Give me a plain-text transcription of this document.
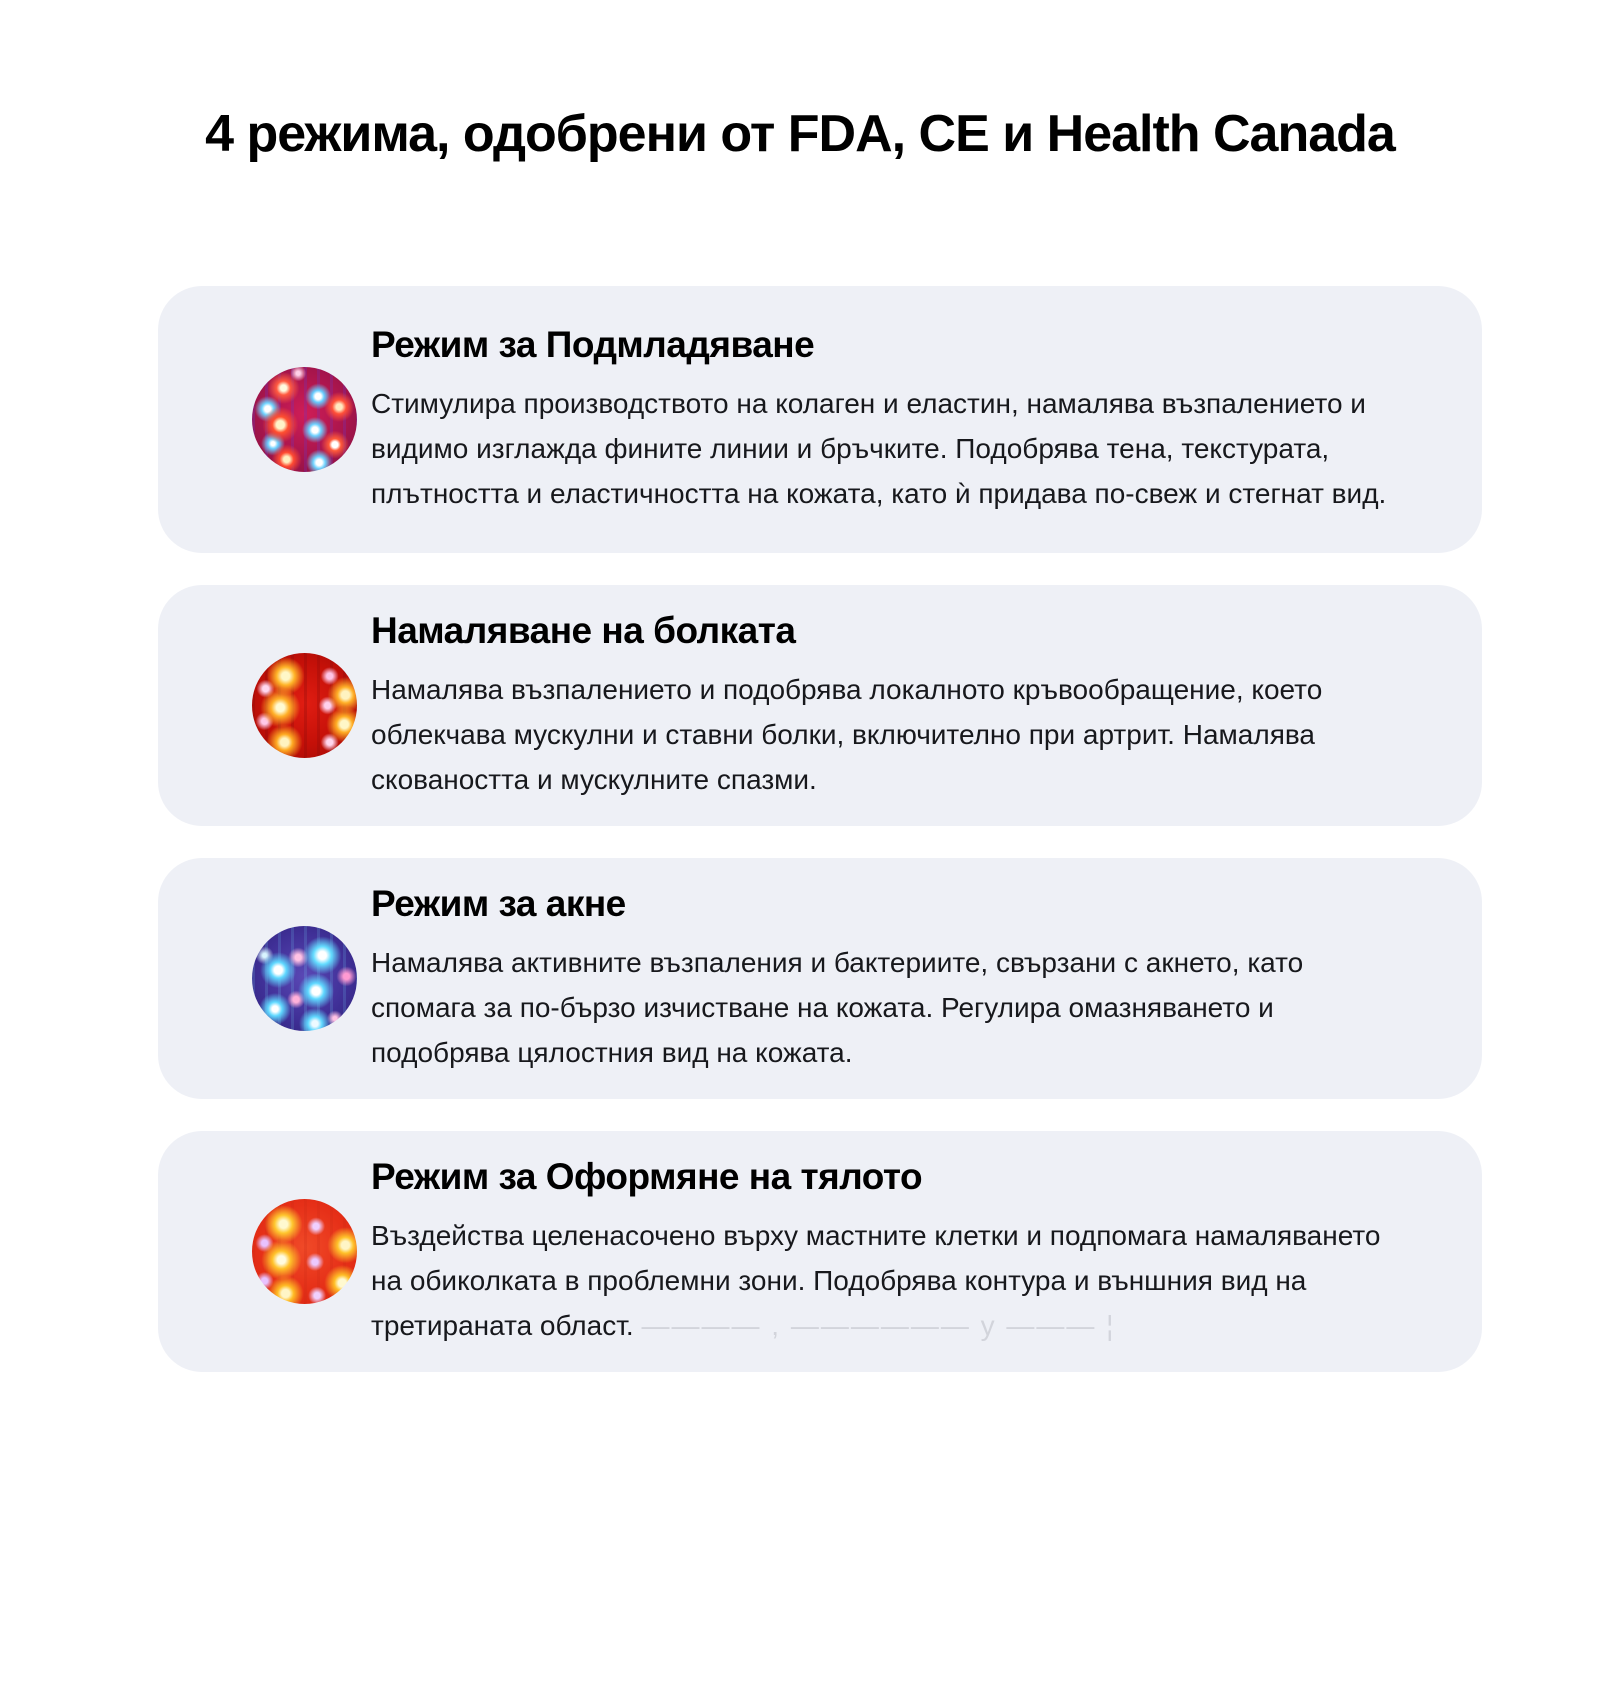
4 режима, одобрени от FDA, CE и Health Canada
Режим за Подмладяване

Стимулира производството на колаген и еластин, намалява възпалението и видимо изглажда фините линии и бръчките. Подобрява тена, текстурата, плътността и еластичността на кожата, като ѝ придава по-свеж и стегнат вид.

Намаляване на болката

Намалява възпалението и подобрява локалното кръвообращение, което облекчава мускулни и ставни болки, включително при артрит. Намалява сковаността и мускулните спазми.

Режим за акне

Намалява активните възпаления и бактериите, свързани с акнето, като спомага за по-бързо изчистване на кожата. Регулира омазняването и подобрява цялостния вид на кожата.

Режим за Оформяне на тялото

Въздейства целенасочено върху мастните клетки и подпомага намаляването на обиколката в проблемни зони. Подобрява контура и външния вид на третираната област. ———— , —————— у ——— ¦
